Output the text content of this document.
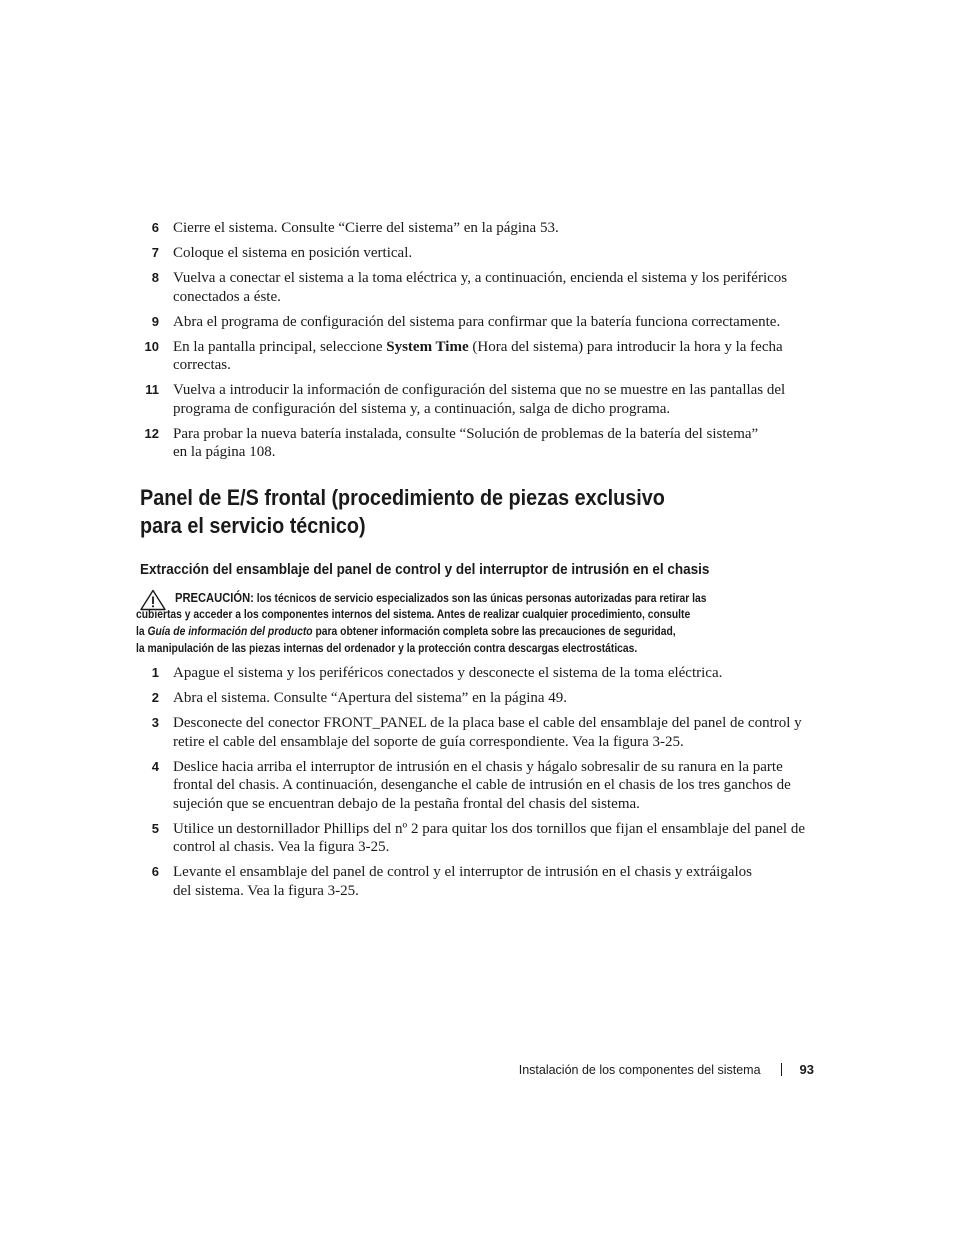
6 Cierre el sistema. Consulte “Cierre del sistema” en la página 53.
7 Coloque el sistema en posición vertical.
8 Vuelva a conectar el sistema a la toma eléctrica y, a continuación, encienda el sistema y los periféricos conectados a éste.
9 Abra el programa de configuración del sistema para confirmar que la batería funciona correctamente.
10 En la pantalla principal, seleccione System Time (Hora del sistema) para introducir la hora y la fecha correctas.
11 Vuelva a introducir la información de configuración del sistema que no se muestre en las pantallas del programa de configuración del sistema y, a continuación, salga de dicho programa.
12 Para probar la nueva batería instalada, consulte “Solución de problemas de la batería del sistema”
en la página 108.
Panel de E/S frontal (procedimiento de piezas exclusivo
para el servicio técnico)
Extracción del ensamblaje del panel de control y del interruptor de intrusión en el chasis
PRECAUCIÓN: los técnicos de servicio especializados son las únicas personas autorizadas para retirar las
cubiertas y acceder a los componentes internos del sistema. Antes de realizar cualquier procedimiento, consulte
la Guía de información del producto para obtener información completa sobre las precauciones de seguridad,
la manipulación de las piezas internas del ordenador y la protección contra descargas electrostáticas.
1 Apague el sistema y los periféricos conectados y desconecte el sistema de la toma eléctrica.
2 Abra el sistema. Consulte “Apertura del sistema” en la página 49.
3 Desconecte del conector FRONT_PANEL de la placa base el cable del ensamblaje del panel de control y retire el cable del ensamblaje del soporte de guía correspondiente. Vea la figura 3-25.
4 Deslice hacia arriba el interruptor de intrusión en el chasis y hágalo sobresalir de su ranura en la parte frontal del chasis. A continuación, desenganche el cable de intrusión en el chasis de los tres ganchos de sujeción que se encuentran debajo de la pestaña frontal del chasis del sistema.
5 Utilice un destornillador Phillips del nº 2 para quitar los dos tornillos que fijan el ensamblaje del panel de control al chasis. Vea la figura 3-25.
6 Levante el ensamblaje del panel de control y el interruptor de intrusión en el chasis y extráigalos
del sistema. Vea la figura 3-25.
Instalación de los componentes del sistema	93
